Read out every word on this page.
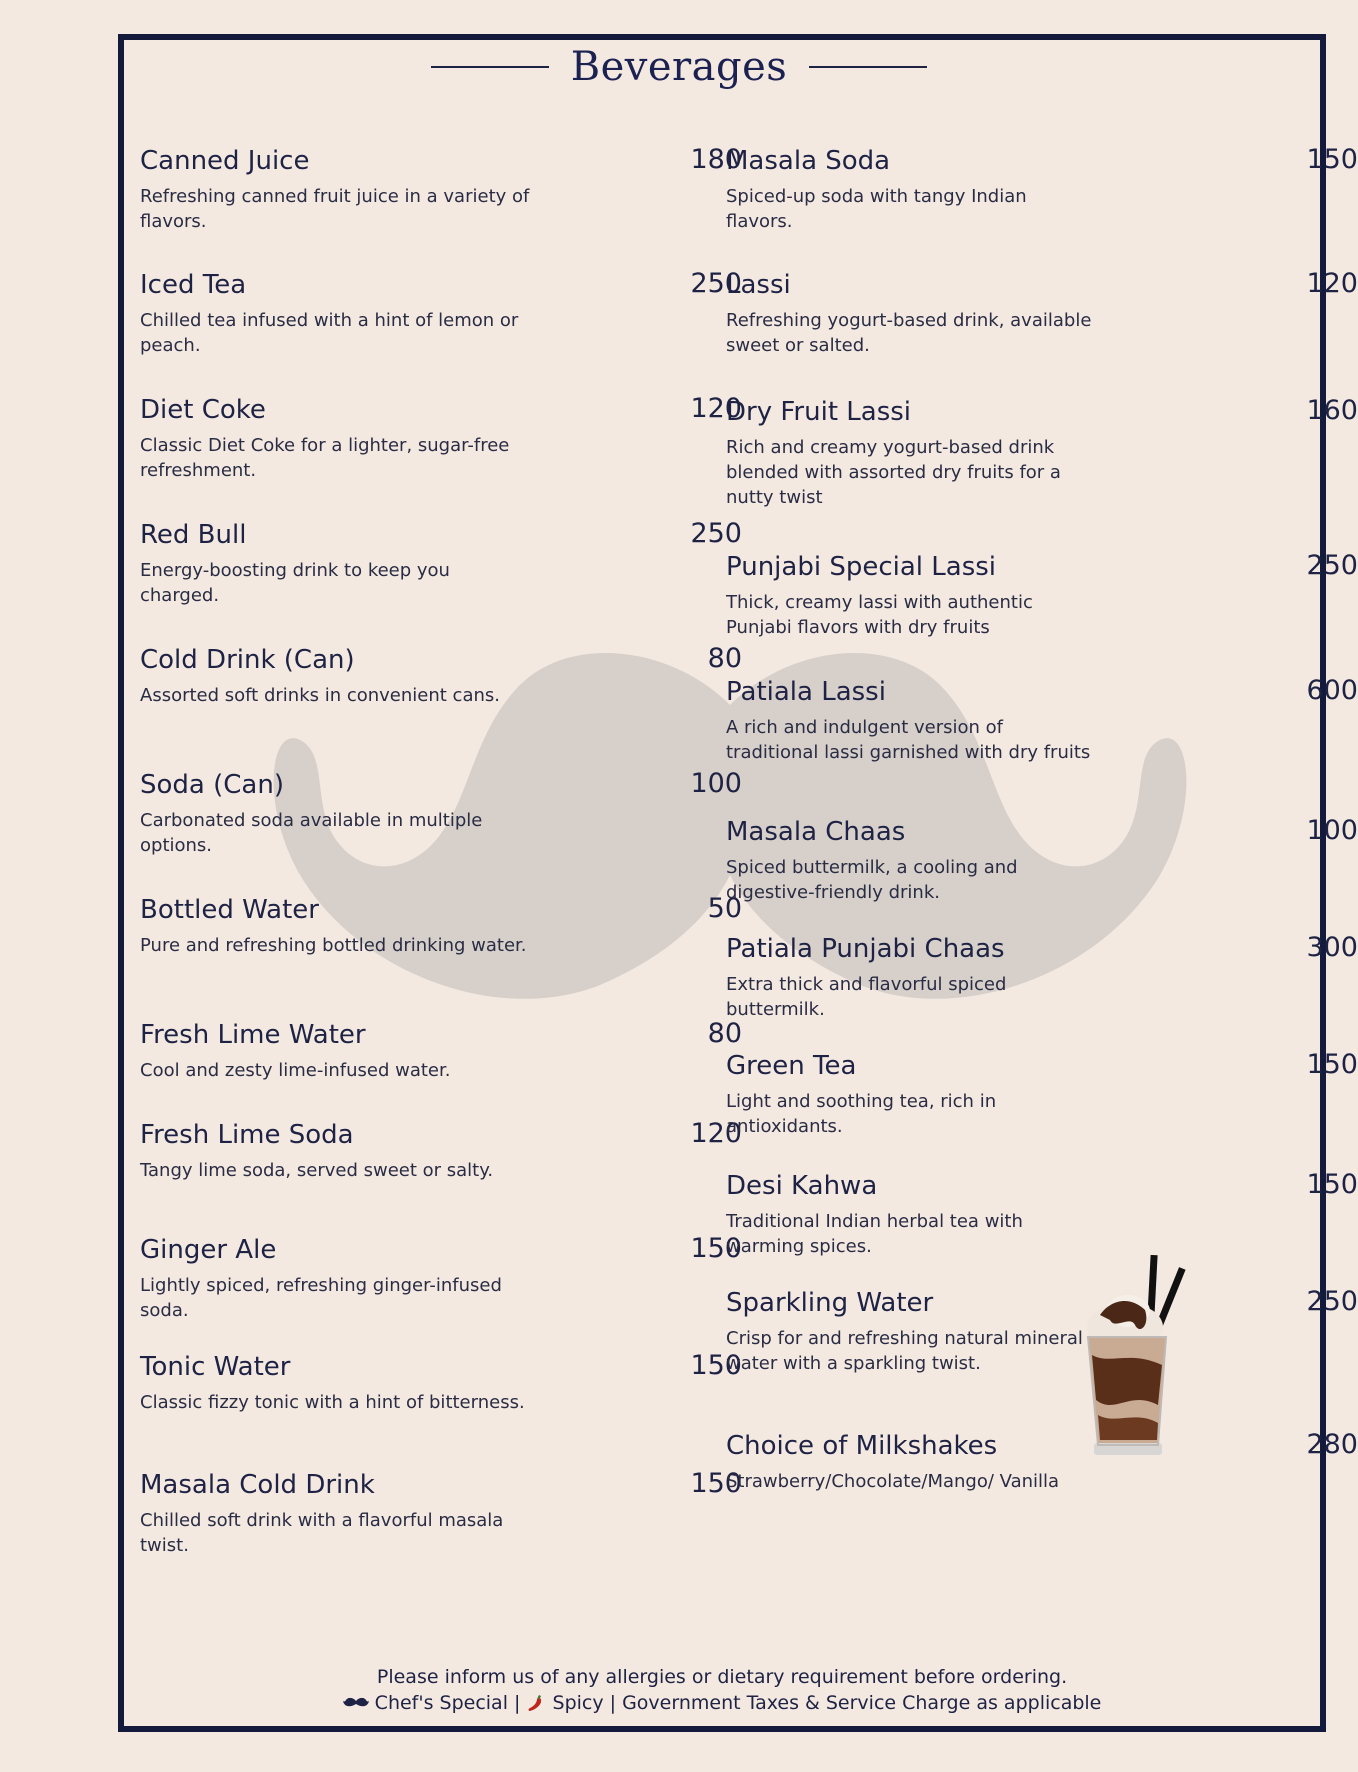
Beverages
Canned Juice	180
Refreshing canned fruit juice in a variety of flavors.
Iced Tea	250
Chilled tea infused with a hint of lemon or peach.
Diet Coke	120
Classic Diet Coke for a lighter, sugar-free refreshment.
Red Bull	250
Energy-boosting drink to keep you charged.
Cold Drink (Can)	80
Assorted soft drinks in convenient cans.
Soda (Can)	100
Carbonated soda available in multiple options.
Bottled Water	50
Pure and refreshing bottled drinking water.
Fresh Lime Water	80
Cool and zesty lime-infused water.
Fresh Lime Soda	120
Tangy lime soda, served sweet or salty.
Ginger Ale	150
Lightly spiced, refreshing ginger-infused soda.
Tonic Water	150
Classic fizzy tonic with a hint of bitterness.
Masala Cold Drink	150
Chilled soft drink with a flavorful masala twist.
Masala Soda	150
Spiced-up soda with tangy Indian flavors.
Lassi	120
Refreshing yogurt-based drink, available sweet or salted.
Dry Fruit Lassi	160
Rich and creamy yogurt-based drink blended with assorted dry fruits for a nutty twist
Punjabi Special Lassi	250
Thick, creamy lassi with authentic Punjabi flavors with dry fruits
Patiala Lassi	600
A rich and indulgent version of traditional lassi garnished with dry fruits
Masala Chaas	100
Spiced buttermilk, a cooling and digestive-friendly drink.
Patiala Punjabi Chaas	300
Extra thick and flavorful spiced buttermilk.
Green Tea	150
Light and soothing tea, rich in antioxidants.
Desi Kahwa	150
Traditional Indian herbal tea with warming spices.
Sparkling Water	250
Crisp for and refreshing natural mineral water with a sparkling twist.
Choice of Milkshakes	280
Strawberry/Chocolate/Mango/ Vanilla
Please inform us of any allergies or dietary requirement before ordering.
Chef's Special | Spicy | Government Taxes & Service Charge as applicable
